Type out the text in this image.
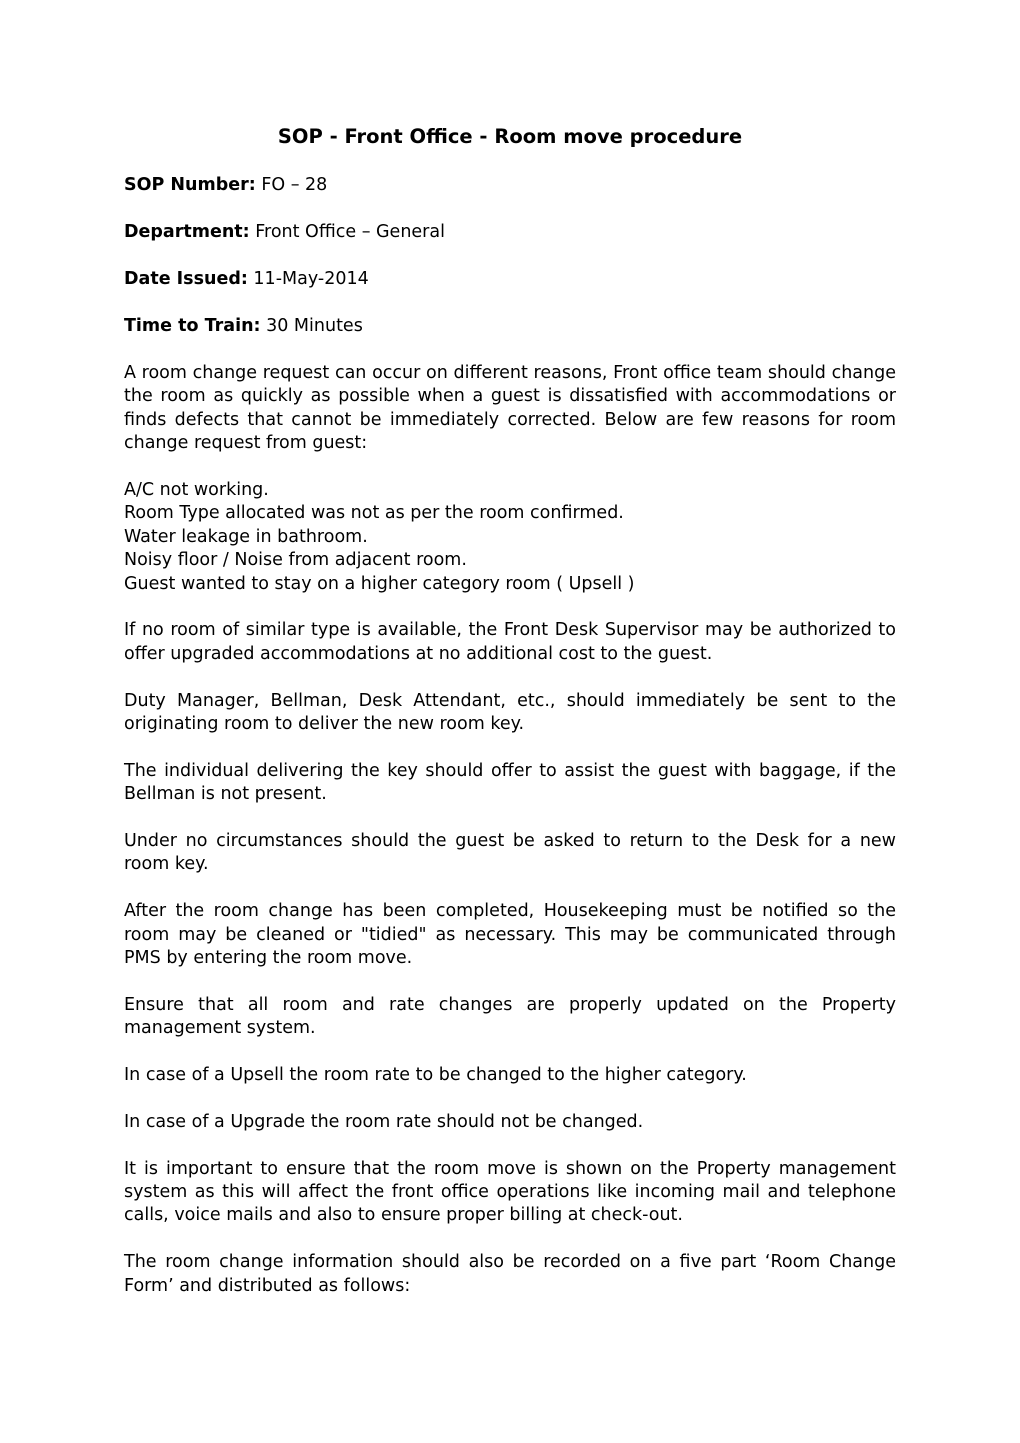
SOP - Front Office - Room move procedure
SOP Number: FO – 28
Department: Front Office – General
Date Issued: 11-May-2014
Time to Train: 30 Minutes

A room change request can occur on different reasons, Front office team should change the room as quickly as possible when a guest is dissatisfied with accommodations or finds defects that cannot be immediately corrected. Below are few reasons for room change request from guest:

A/C not working.
Room Type allocated was not as per the room confirmed.
Water leakage in bathroom.
Noisy floor / Noise from adjacent room.
Guest wanted to stay on a higher category room ( Upsell )

If no room of similar type is available, the Front Desk Supervisor may be authorized to offer upgraded accommodations at no additional cost to the guest.

Duty Manager, Bellman, Desk Attendant, etc., should immediately be sent to the originating room to deliver the new room key.

The individual delivering the key should offer to assist the guest with baggage, if the Bellman is not present.

Under no circumstances should the guest be asked to return to the Desk for a new room key.

After the room change has been completed, Housekeeping must be notified so the room may be cleaned or "tidied" as necessary. This may be communicated through PMS by entering the room move.

Ensure that all room and rate changes are properly updated on the Property management system.

In case of a Upsell the room rate to be changed to the higher category.

In case of a Upgrade the room rate should not be changed.

It is important to ensure that the room move is shown on the Property management system as this will affect the front office operations like incoming mail and telephone calls, voice mails and also to ensure proper billing at check-out.

The room change information should also be recorded on a five part ‘Room Change Form’ and distributed as follows:
